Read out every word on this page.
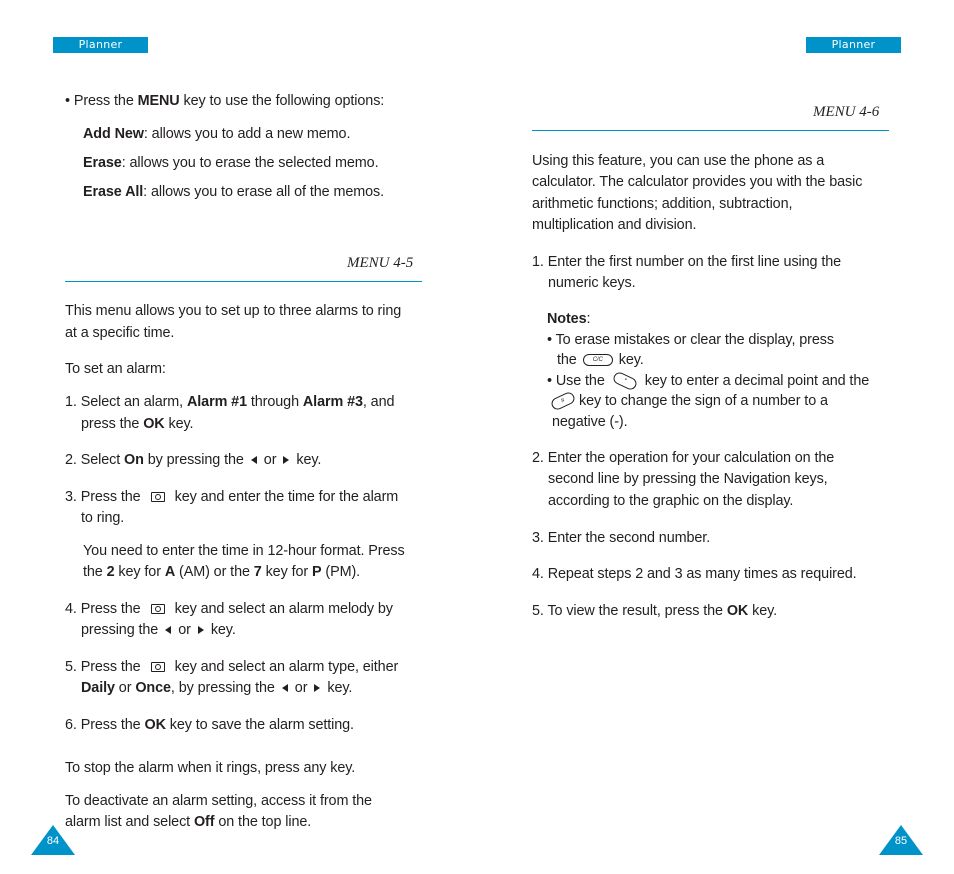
Planner	Planner
• Press the MENU key to use the following options:
Add New: allows you to add a new memo.
Erase: allows you to erase the selected memo.
Erase All: allows you to erase all of the memos.
MENU 4-5
This menu allows you to set up to three alarms to ring
at a specific time.
To set an alarm:
1. Select an alarm, Alarm #1 through Alarm #3, and
press the OK key.
2. Select On by pressing the or key.
3. Press the key and enter the time for the alarm
to ring.
You need to enter the time in 12-hour format. Press
the 2 key for A (AM) or the 7 key for P (PM).
4. Press the key and select an alarm melody by
pressing the or key.
5. Press the key and select an alarm type, either
Daily or Once, by pressing the or key.
6. Press the OK key to save the alarm setting.
To stop the alarm when it rings, press any key.
To deactivate an alarm setting, access it from the
alarm list and select Off on the top line.
84
MENU 4-6
Using this feature, you can use the phone as a
calculator. The calculator provides you with the basic
arithmetic functions; addition, subtraction,
multiplication and division.
1. Enter the first number on the first line using the
numeric keys.
Notes:
• To erase mistakes or clear the display, press
the	C/C key.
• Use the	* key to enter a decimal point and the
# key to change the sign of a number to a
negative (-).
2. Enter the operation for your calculation on the
second line by pressing the Navigation keys,
according to the graphic on the display.
3. Enter the second number.
4. Repeat steps 2 and 3 as many times as required.
5. To view the result, press the OK key.
85
